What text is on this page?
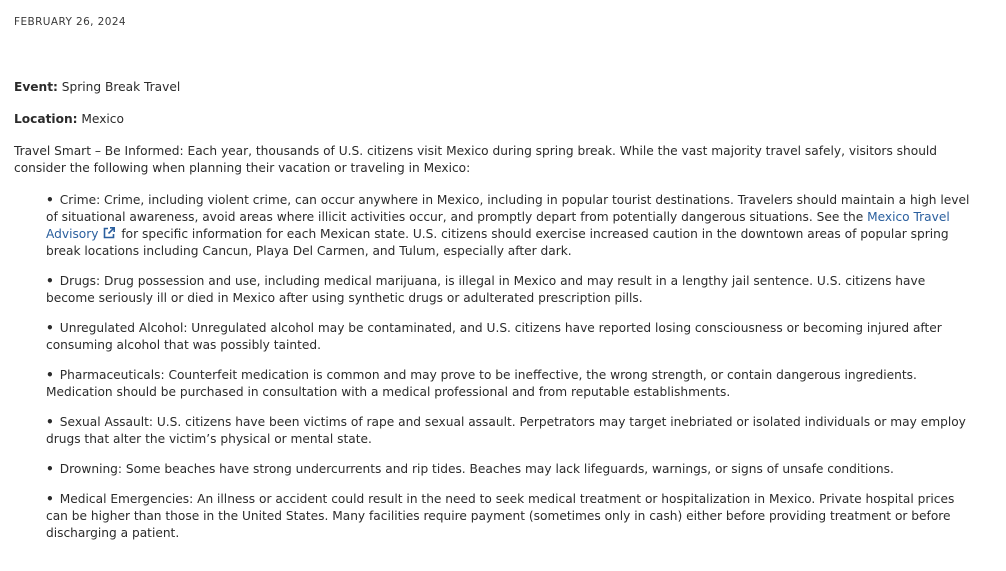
FEBRUARY 26, 2024

Event: Spring Break Travel

Location: Mexico

Travel Smart – Be Informed: Each year, thousands of U.S. citizens visit Mexico during spring break. While the vast majority travel safely, visitors should consider the following when planning their vacation or traveling in Mexico:

• Crime: Crime, including violent crime, can occur anywhere in Mexico, including in popular tourist destinations. Travelers should maintain a high level of situational awareness, avoid areas where illicit activities occur, and promptly depart from potentially dangerous situations. See the Mexico Travel Advisory for specific information for each Mexican state. U.S. citizens should exercise increased caution in the downtown areas of popular spring break locations including Cancun, Playa Del Carmen, and Tulum, especially after dark.
• Drugs: Drug possession and use, including medical marijuana, is illegal in Mexico and may result in a lengthy jail sentence. U.S. citizens have become seriously ill or died in Mexico after using synthetic drugs or adulterated prescription pills.
• Unregulated Alcohol: Unregulated alcohol may be contaminated, and U.S. citizens have reported losing consciousness or becoming injured after consuming alcohol that was possibly tainted.
• Pharmaceuticals: Counterfeit medication is common and may prove to be ineffective, the wrong strength, or contain dangerous ingredients. Medication should be purchased in consultation with a medical professional and from reputable establishments.
• Sexual Assault: U.S. citizens have been victims of rape and sexual assault. Perpetrators may target inebriated or isolated individuals or may employ drugs that alter the victim’s physical or mental state.
• Drowning: Some beaches have strong undercurrents and rip tides. Beaches may lack lifeguards, warnings, or signs of unsafe conditions.
• Medical Emergencies: An illness or accident could result in the need to seek medical treatment or hospitalization in Mexico. Private hospital prices can be higher than those in the United States. Many facilities require payment (sometimes only in cash) either before providing treatment or before discharging a patient.
